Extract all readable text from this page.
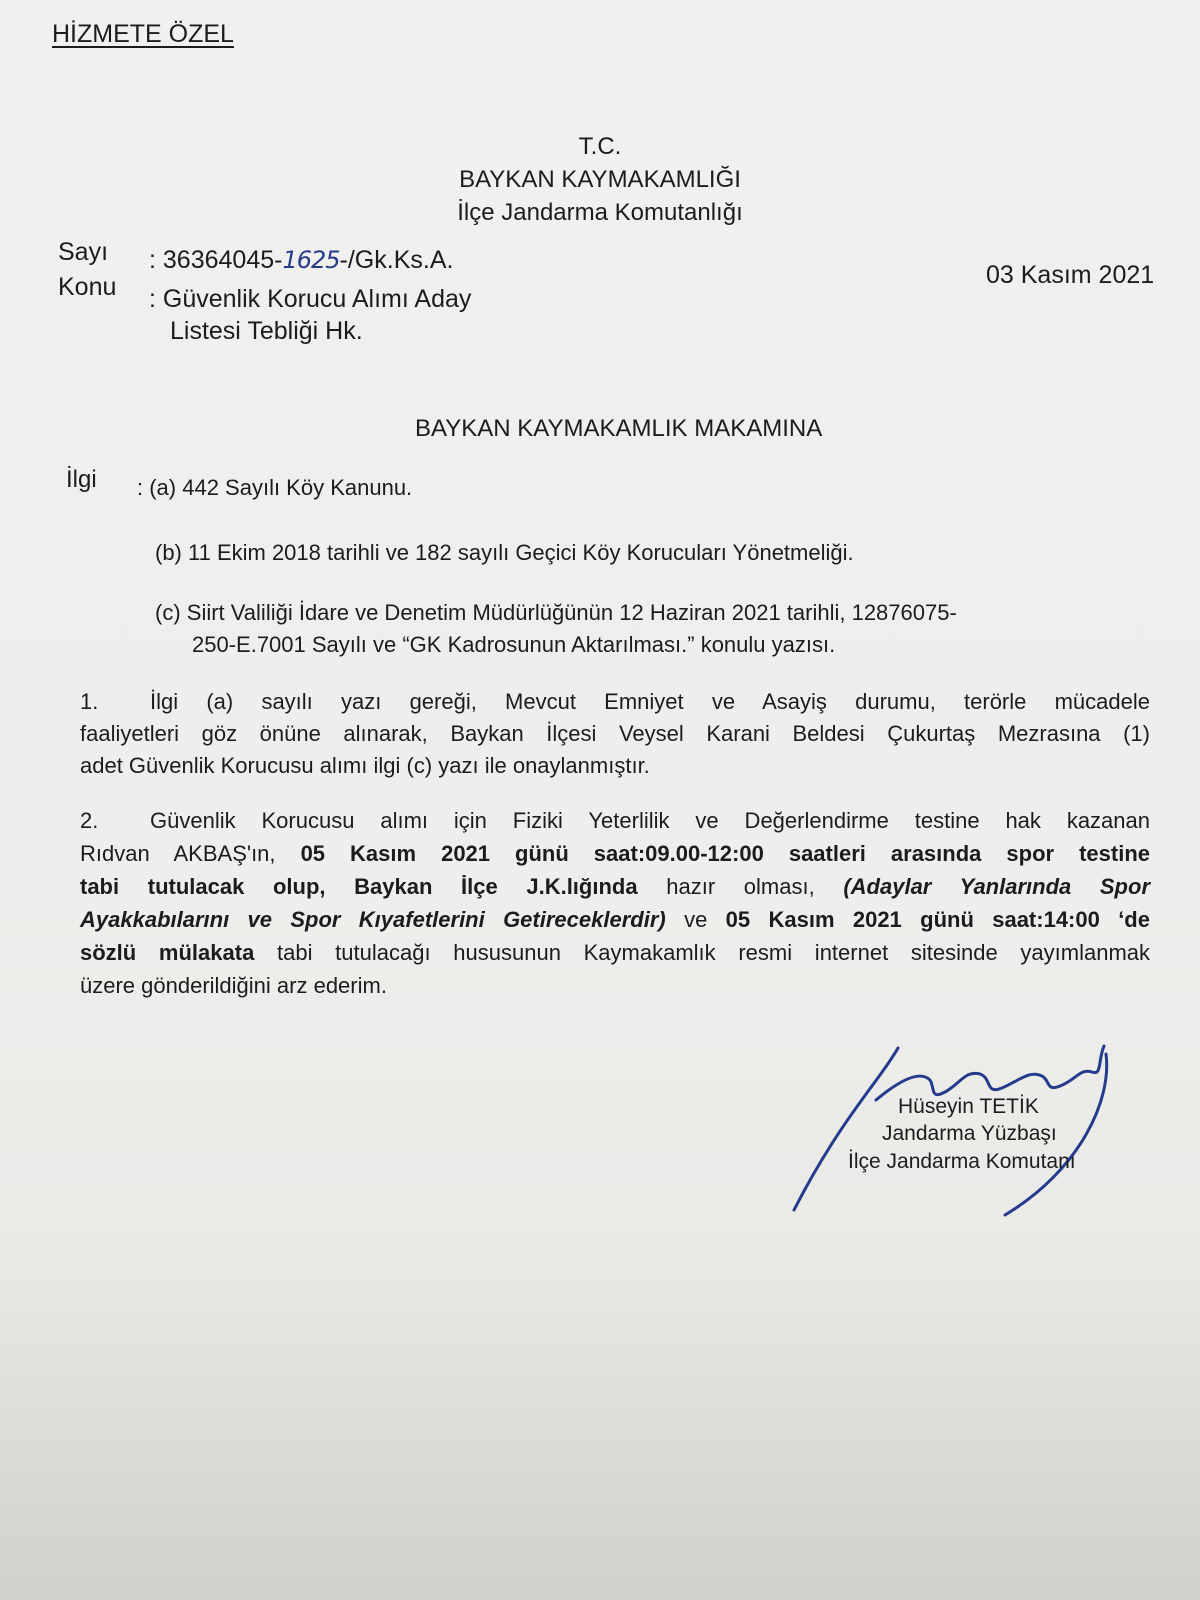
HİZMETE ÖZEL
T.C.
BAYKAN KAYMAKAMLIĞI
İlçe Jandarma Komutanlığı
Sayı
Konu
: 36364045-1625-/Gk.Ks.A.
: Güvenlik Korucu Alımı Aday
Listesi Tebliği Hk.
03 Kasım 2021
BAYKAN KAYMAKAMLIK MAKAMINA
İlgi : (a) 442 Sayılı Köy Kanunu.
(b) 11 Ekim 2018 tarihli ve 182 sayılı Geçici Köy Korucuları Yönetmeliği.
(c) Siirt Valiliği İdare ve Denetim Müdürlüğünün 12 Haziran 2021 tarihli, 12876075-
250-E.7001 Sayılı ve “GK Kadrosunun Aktarılması.” konulu yazısı.
1.	İlgi (a) sayılı yazı gereği, Mevcut Emniyet ve Asayiş durumu, terörle mücadele
faaliyetleri göz önüne alınarak, Baykan İlçesi Veysel Karani Beldesi Çukurtaş Mezrasına (1)
adet Güvenlik Korucusu alımı ilgi (c) yazı ile onaylanmıştır.
2.	Güvenlik Korucusu alımı için Fiziki Yeterlilik ve Değerlendirme testine hak kazanan
Rıdvan AKBAŞ'ın, 05 Kasım 2021 günü saat:09.00-12:00 saatleri arasında spor testine
tabi tutulacak olup, Baykan İlçe J.K.lığında hazır olması, (Adaylar Yanlarında Spor
Ayakkabılarını ve Spor Kıyafetlerini Getireceklerdir) ve 05 Kasım 2021 günü saat:14:00 ‘de
sözlü mülakata tabi tutulacağı hususunun Kaymakamlık resmi internet sitesinde yayımlanmak
üzere gönderildiğini arz ederim.
Hüseyin TETİK
Jandarma Yüzbaşı
İlçe Jandarma Komutanı
